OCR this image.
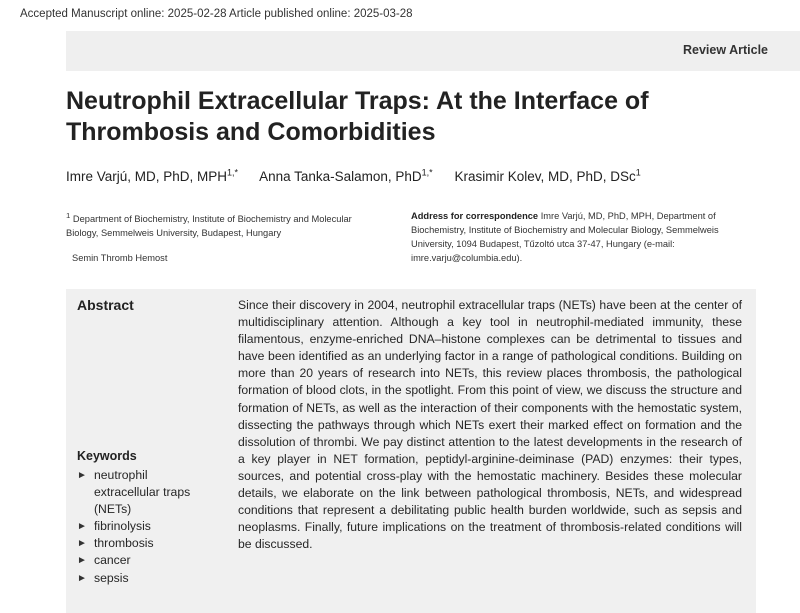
Accepted Manuscript online: 2025-02-28 Article published online: 2025-03-28
Review Article
Neutrophil Extracellular Traps: At the Interface of
Thrombosis and Comorbidities
Imre Varjú, MD, PhD, $MPH^{1,*}$ Anna Tanka-Salamon, PhD$^{1,*}$ Krasimir Kolev, MD, PhD, DSc$^1$
$^1$ Department of Biochemistry, Institute of Biochemistry and Molecular Biology, Semmelweis University, Budapest, Hungary
Semin Thromb Hemost
Address for correspondence Imre Varjú, MD, PhD, MPH, Department of Biochemistry, Institute of Biochemistry and Molecular Biology, Semmelweis University, 1094 Budapest, Tűzoltó utca 37-47, Hungary (e-mail: imre.varju@columbia.edu).
Abstract	Since their discovery in 2004, neutrophil extracellular traps (NETs) have been at the center of multidisciplinary attention. Although a key tool in neutrophil-mediated immunity, these filamentous, enzyme-enriched DNA–histone complexes can be detrimental to tissues and have been identified as an underlying factor in a range of pathological conditions. Building on more than 20 years of research into NETs, this review places thrombosis, the pathological formation of blood clots, in the spotlight. From this point of view, we discuss the structure and formation of NETs, as well as the interaction of their components with the hemostatic system, dissecting the pathways through which NETs exert their marked effect on formation and the dissolution of thrombi. We pay distinct attention to the latest developments in the research of a key player in NET formation, peptidyl-arginine-deiminase (PAD) enzymes: their types, sources, and potential cross-play with the hemostatic machinery. Besides these molecular details, we elaborate on the link between pathological thrombosis, NETs, and widespread conditions that represent a debilitating public health burden worldwide, such as sepsis and neoplasms. Finally, future implications on the treatment of thrombosis-related conditions will be discussed.

Keywords
► neutrophil extracellular traps (NETs)
► fibrinolysis
► thrombosis
► cancer
► sepsis
